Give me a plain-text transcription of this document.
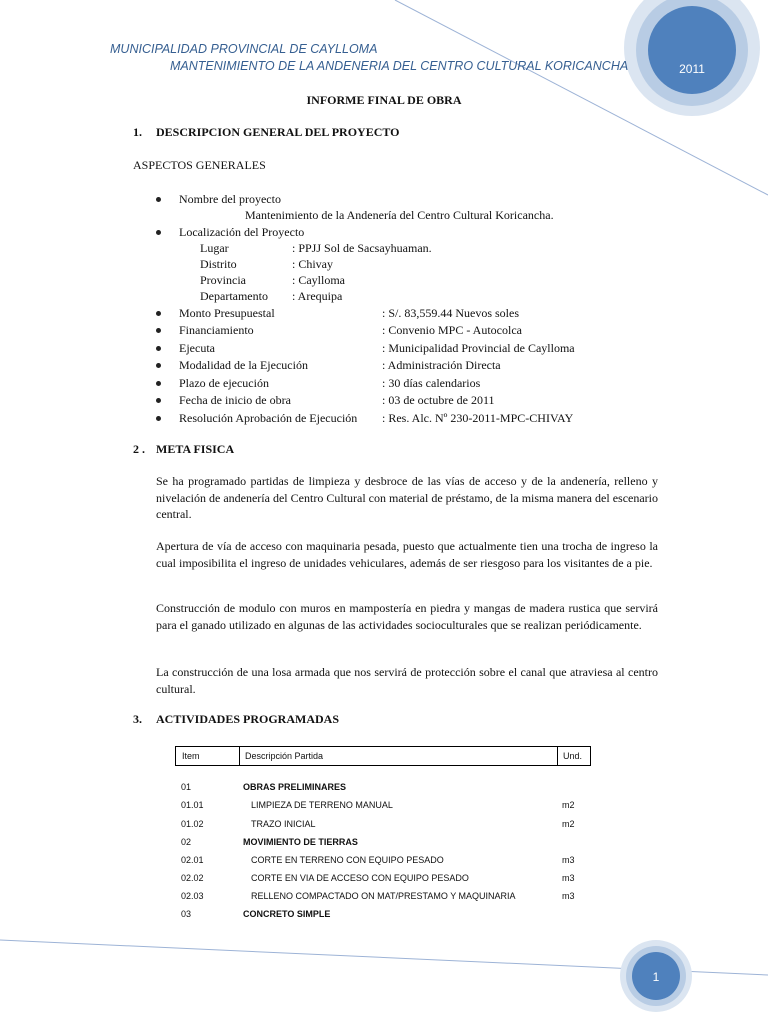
2011
MUNICIPALIDAD PROVINCIAL DE CAYLLOMA
MANTENIMIENTO DE LA ANDENERIA DEL CENTRO CULTURAL KORICANCHA
INFORME FINAL DE OBRA
1. DESCRIPCION GENERAL DEL PROYECTO
ASPECTOS GENERALES
Nombre del proyecto
Mantenimiento de la Andenería del Centro Cultural Koricancha.
Localización del Proyecto
Lugar	: PPJJ Sol de Sacsayhuaman.
Distrito	: Chivay
Provincia	: Caylloma
Departamento : Arequipa
Monto Presupuestal	: S/. 83,559.44 Nuevos soles
Financiamiento	: Convenio MPC - Autocolca
Ejecuta	: Municipalidad Provincial de Caylloma
Modalidad de la Ejecución	: Administración Directa
Plazo de ejecución	: 30 días calendarios
Fecha de inicio de obra	: 03 de octubre de 2011
Resolución Aprobación de Ejecución : Res. Alc. Nº 230-2011-MPC-CHIVAY
2 . META FISICA
Se ha programado partidas de limpieza y desbroce de las vías de acceso y de la andenería, relleno y nivelación de andenería del Centro Cultural con material de préstamo, de la misma manera del escenario central.
Apertura de vía de acceso con maquinaria pesada, puesto que actualmente tien una trocha de ingreso la cual imposibilita el ingreso de unidades vehiculares, además de ser riesgoso para los visitantes de a pie.
Construcción de modulo con muros en mampostería en piedra y mangas de madera rustica que servirá para el ganado utilizado en algunas de las actividades socioculturales que se realizan periódicamente.
La construcción de una losa armada que nos servirá de protección sobre el canal que atraviesa al centro cultural.
3. ACTIVIDADES PROGRAMADAS
Item	Descripción Partida	Und.
01	OBRAS PRELIMINARES
01.01	LIMPIEZA DE TERRENO MANUAL	m2
01.02	TRAZO INICIAL	m2
02	MOVIMIENTO DE TIERRAS
02.01	CORTE EN TERRENO CON EQUIPO PESADO	m3
02.02	CORTE EN VIA DE ACCESO CON EQUIPO PESADO	m3
02.03	RELLENO COMPACTADO ON MAT/PRESTAMO Y MAQUINARIA	m3
03	CONCRETO SIMPLE
1
